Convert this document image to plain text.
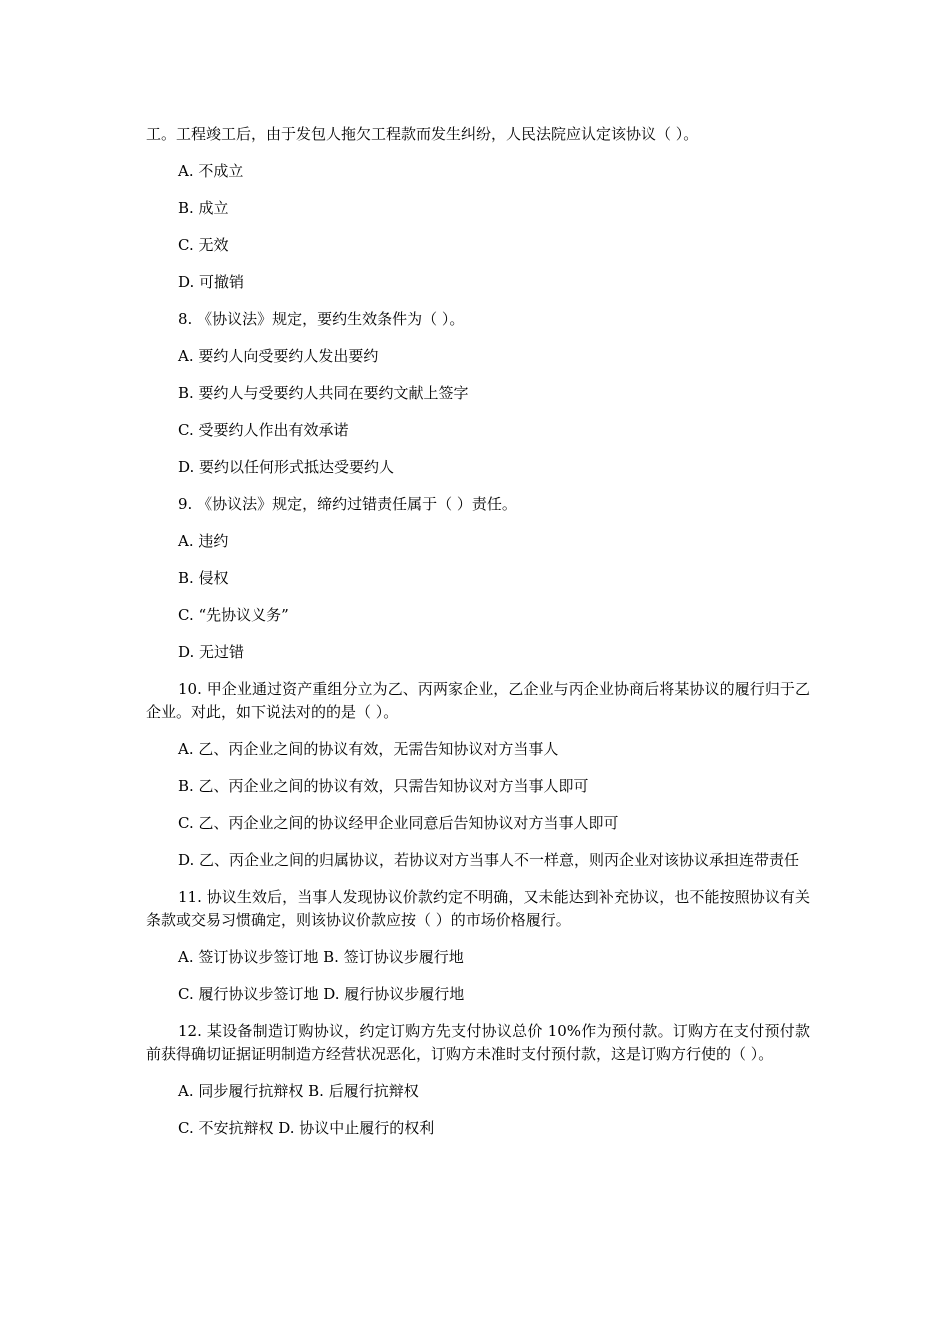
工。工程竣工后，由于发包人拖欠工程款而发生纠纷，人民法院应认定该协议（ ）。

A. 不成立

B. 成立

C. 无效

D. 可撤销

8. 《协议法》规定，要约生效条件为（ ）。

A. 要约人向受要约人发出要约

B. 要约人与受要约人共同在要约文献上签字

C. 受要约人作出有效承诺

D. 要约以任何形式抵达受要约人

9. 《协议法》规定，缔约过错责任属于（ ）责任。

A. 违约

B. 侵权

C. “先协议义务”

D. 无过错

10. 甲企业通过资产重组分立为乙、丙两家企业，乙企业与丙企业协商后将某协议的履行归于乙企业。对此，如下说法对的的是（ ）。

A. 乙、丙企业之间的协议有效，无需告知协议对方当事人

B. 乙、丙企业之间的协议有效，只需告知协议对方当事人即可

C. 乙、丙企业之间的协议经甲企业同意后告知协议对方当事人即可

D. 乙、丙企业之间的归属协议，若协议对方当事人不一样意，则丙企业对该协议承担连带责任

11. 协议生效后，当事人发现协议价款约定不明确，又未能达到补充协议，也不能按照协议有关条款或交易习惯确定，则该协议价款应按（ ）的市场价格履行。

A. 签订协议步签订地 B. 签订协议步履行地

C. 履行协议步签订地 D. 履行协议步履行地

12. 某设备制造订购协议，约定订购方先支付协议总价 10%作为预付款。订购方在支付预付款前获得确切证据证明制造方经营状况恶化，订购方未准时支付预付款，这是订购方行使的（ ）。

A. 同步履行抗辩权 B. 后履行抗辩权

C. 不安抗辩权 D. 协议中止履行的权利
